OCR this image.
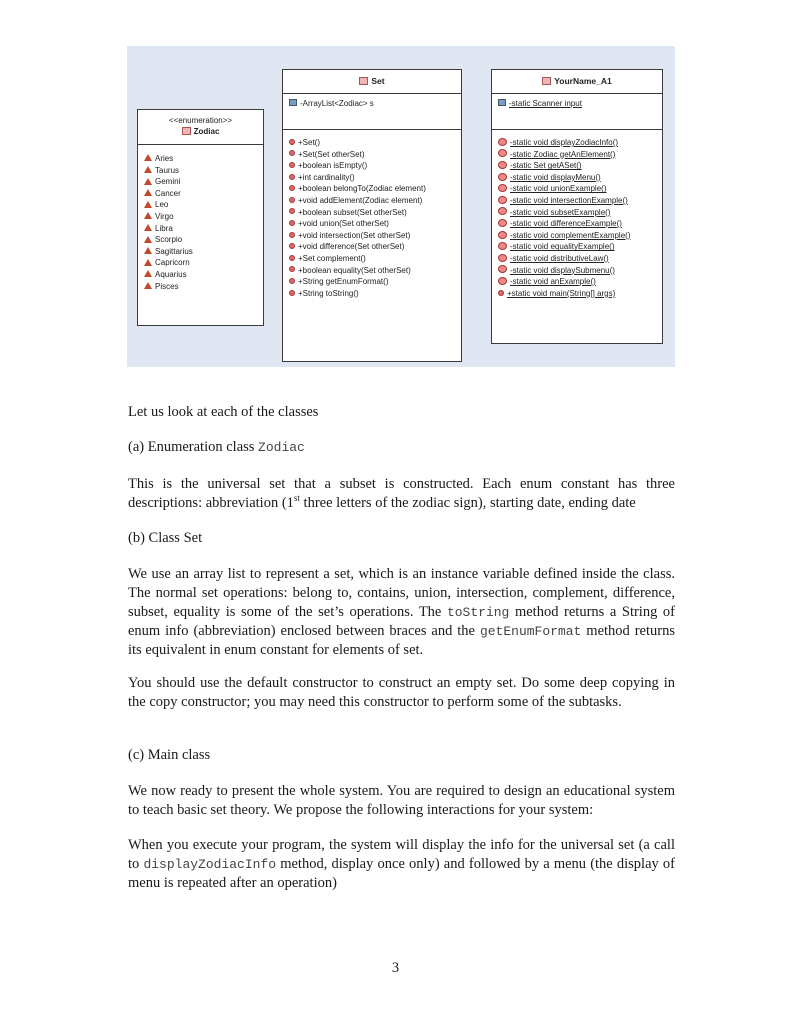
<<enumeration>>
Zodiac
Aries
Taurus
Gemini
Cancer
Leo
Virgo
Libra
Scorpio
Sagittarius
Capricorn
Aquarius
Pisces
Set
-ArrayList<Zodiac> s
+Set()
+Set(Set otherSet)
+boolean isEmpty()
+int cardinality()
+boolean belongTo(Zodiac element)
+void addElement(Zodiac element)
+boolean subset(Set otherSet)
+void union(Set otherSet)
+void intersection(Set otherSet)
+void difference(Set otherSet)
+Set complement()
+boolean equality(Set otherSet)
+String getEnumFormat()
+String toString()
YourName_A1
-static Scanner input
-static void displayZodiacInfo()
-static Zodiac getAnElement()
-static Set getASet()
-static void displayMenu()
-static void unionExample()
-static void intersectionExample()
-static void subsetExample()
-static void differenceExample()
-static void complementExample()
-static void equalityExample()
-static void distributiveLaw()
-static void displaySubmenu()
-static void anExample()
+static void main(String[] args)
Let us look at each of the classes
(a) Enumeration class Zodiac
This is the universal set that a subset is constructed. Each enum constant has three descriptions: abbreviation (1st three letters of the zodiac sign), starting date, ending date
(b) Class Set
We use an array list to represent a set, which is an instance variable defined inside the class. The normal set operations: belong to, contains, union, intersection, complement, difference, subset, equality is some of the set’s operations. The toString method returns a String of enum info (abbreviation) enclosed between braces and the getEnumFormat method returns its equivalent in enum constant for elements of set.
You should use the default constructor to construct an empty set. Do some deep copying in the copy constructor; you may need this constructor to perform some of the subtasks.
(c) Main class
We now ready to present the whole system. You are required to design an educational system to teach basic set theory. We propose the following interactions for your system:
When you execute your program, the system will display the info for the universal set (a call to displayZodiacInfo method, display once only) and followed by a menu (the display of menu is repeated after an operation)
3
